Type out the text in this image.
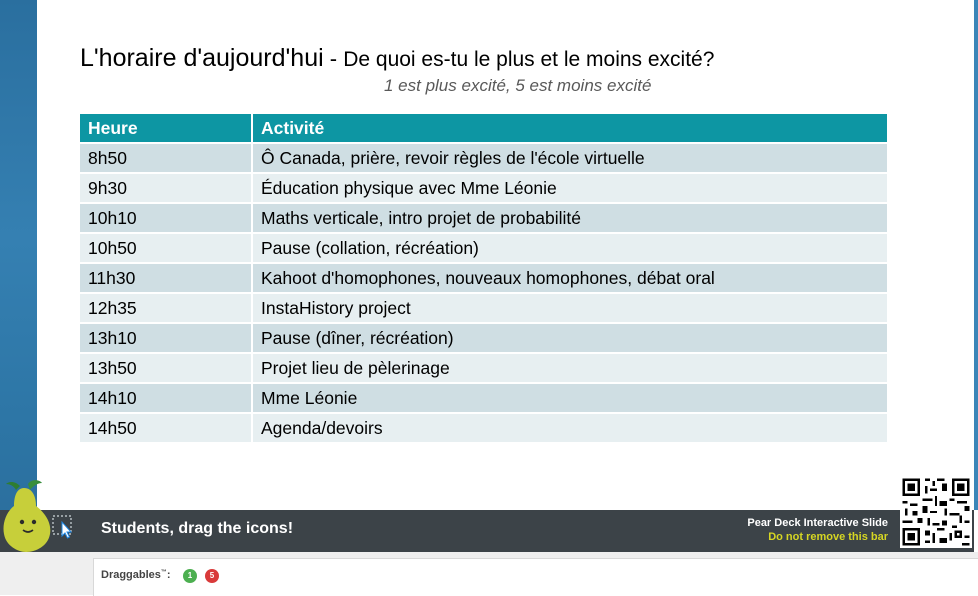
L'horaire d'aujourd'hui - De quoi es-tu le plus et le moins excité?
1 est plus excité, 5 est moins excité
Heure	Activité
8h50	Ô Canada, prière, revoir règles de l'école virtuelle
9h30	Éducation physique avec Mme Léonie
10h10	Maths verticale, intro projet de probabilité
10h50	Pause (collation, récréation)
11h30	Kahoot d'homophones, nouveaux homophones, débat oral
12h35	InstaHistory project
13h10	Pause (dîner, récréation)
13h50	Projet lieu de pèlerinage
14h10	Mme Léonie
14h50	Agenda/devoirs
Students, drag the icons!	Pear Deck Interactive Slide
Do not remove this bar
Draggables™:	1	5
